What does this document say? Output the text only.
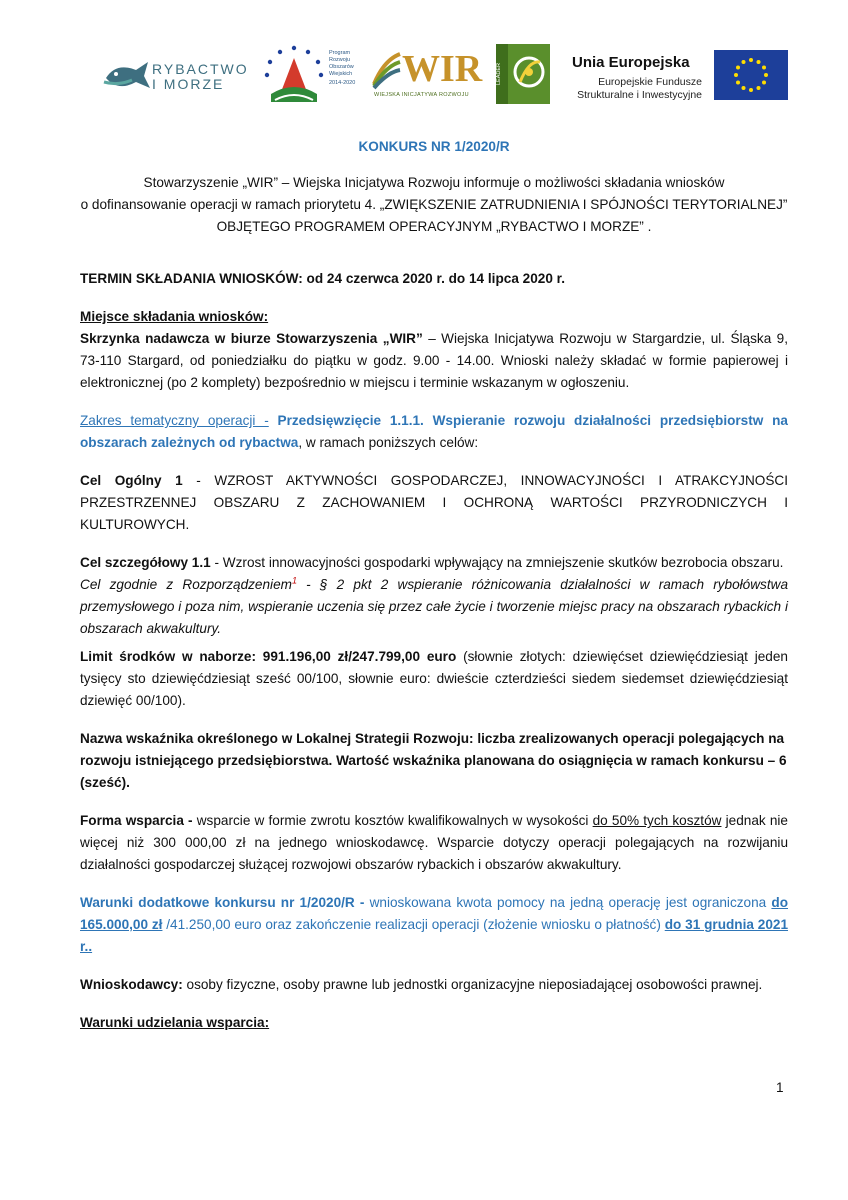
RYBACTWO
I MORZE
Program Rozwoju Obszarów Wiejskich
2014-2020	WIR
WIEJSKA INICJATYWA ROZWOJU
LEADER
Unia Europejska
Europejskie Fundusze Strukturalne i Inwestycyjne

KONKURS NR 1/2020/R

Stowarzyszenie „WIR” – Wiejska Inicjatywa Rozwoju informuje o możliwości składania wniosków

o dofinansowanie operacji w ramach priorytetu 4. „ZWIĘKSZENIE ZATRUDNIENIA I SPÓJNOŚCI TERYTORIALNEJ”

OBJĘTEGO PROGRAMEM OPERACYJNYM „RYBACTWO I MORZE” .

TERMIN SKŁADANIA WNIOSKÓW: od 24 czerwca 2020 r. do 14 lipca 2020 r.

Miejsce składania wniosków:

Skrzynka nadawcza w biurze Stowarzyszenia „WIR” – Wiejska Inicjatywa Rozwoju w Stargardzie, ul. Śląska 9, 73-110 Stargard, od poniedziałku do piątku w godz. 9.00 - 14.00. Wnioski należy składać w formie papierowej i elektronicznej (po 2 komplety) bezpośrednio w miejscu i terminie wskazanym w ogłoszeniu.

Zakres tematyczny operacji - Przedsięwzięcie 1.1.1. Wspieranie rozwoju działalności przedsiębiorstw na obszarach zależnych od rybactwa, w ramach poniższych celów:

Cel Ogólny 1 - WZROST AKTYWNOŚCI GOSPODARCZEJ, INNOWACYJNOŚCI I ATRAKCYJNOŚCI PRZESTRZENNEJ OBSZARU Z ZACHOWANIEM I OCHRONĄ WARTOŚCI PRZYRODNICZYCH I KULTUROWYCH.

Cel szczegółowy 1.1 - Wzrost innowacyjności gospodarki wpływający na zmniejszenie skutków bezrobocia obszaru.

Cel zgodnie z Rozporządzeniem$^1$ - § 2 pkt 2 wspieranie różnicowania działalności w ramach rybołówstwa przemysłowego i poza nim, wspieranie uczenia się przez całe życie i tworzenie miejsc pracy na obszarach rybackich i obszarach akwakultury.

Limit środków w naborze: 991.196,00 zł/247.799,00 euro (słownie złotych: dziewięćset dziewięćdziesiąt jeden tysięcy sto dziewięćdziesiąt sześć 00/100, słownie euro: dwieście czterdzieści siedem siedemset dziewięćdziesiąt dziewięć 00/100).

Nazwa wskaźnika określonego w Lokalnej Strategii Rozwoju: liczba zrealizowanych operacji polegających na rozwoju istniejącego przedsiębiorstwa. Wartość wskaźnika planowana do osiągnięcia w ramach konkursu – 6 (sześć).

Forma wsparcia - wsparcie w formie zwrotu kosztów kwalifikowalnych w wysokości do 50% tych kosztów jednak nie więcej niż 300 000,00 zł na jednego wnioskodawcę. Wsparcie dotyczy operacji polegających na rozwijaniu działalności gospodarczej służącej rozwojowi obszarów rybackich i obszarów akwakultury.

Warunki dodatkowe konkursu nr 1/2020/R - wnioskowana kwota pomocy na jedną operację jest ograniczona do 165.000,00 zł /41.250,00 euro oraz zakończenie realizacji operacji (złożenie wniosku o płatność) do 31 grudnia 2021 r..

Wnioskodawcy: osoby fizyczne, osoby prawne lub jednostki organizacyjne nieposiadającej osobowości prawnej.

Warunki udzielania wsparcia:

1
